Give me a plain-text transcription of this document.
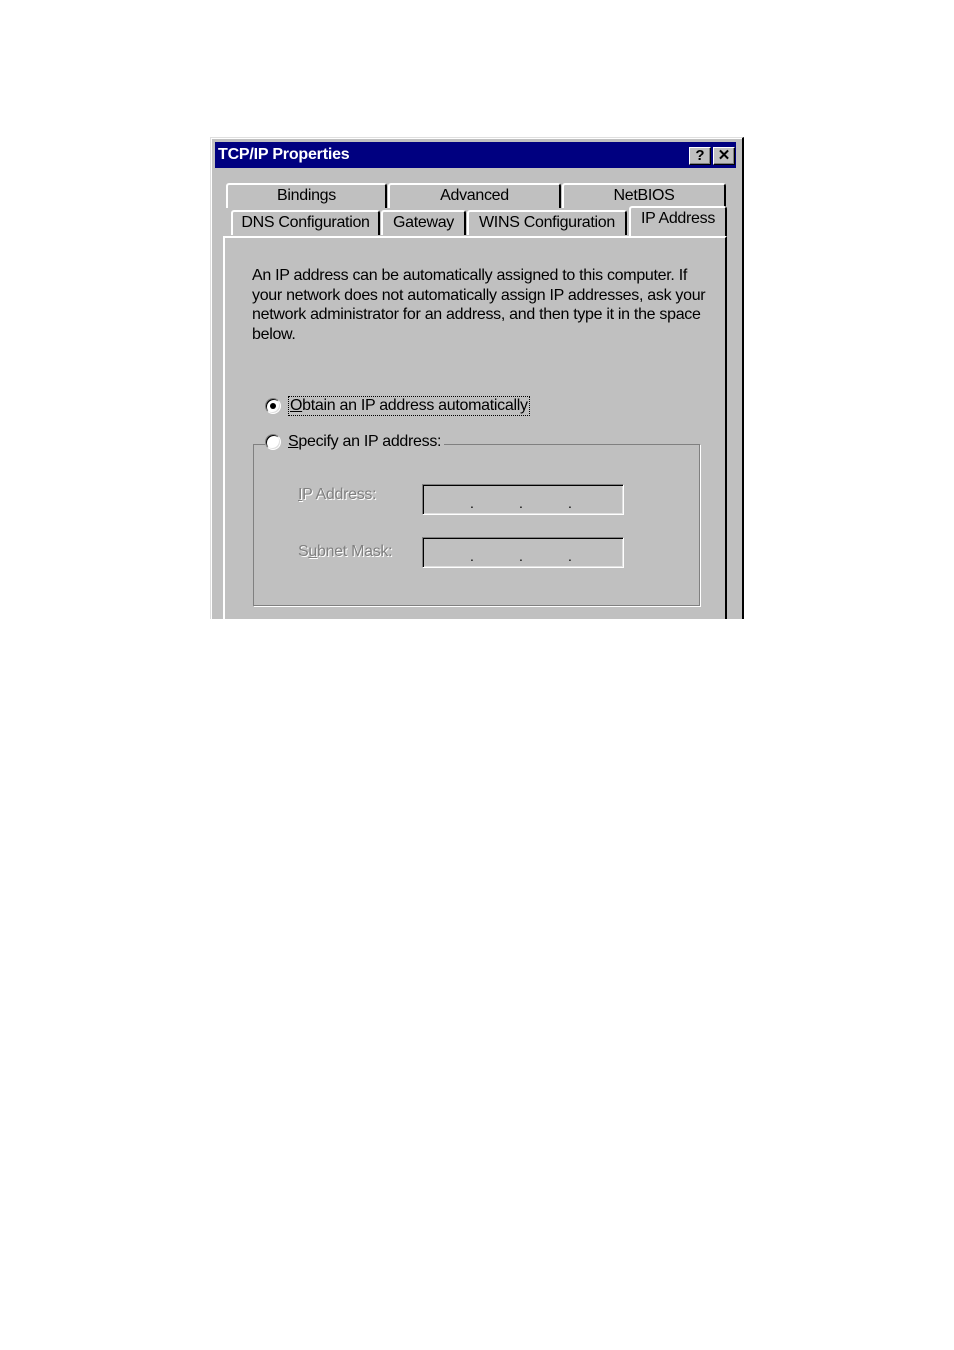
TCP/IP Properties	? ✕
Bindings	Advanced	NetBIOS
DNS Configuration	Gateway	WINS Configuration	IP Address

An IP address can be automatically assigned to this computer. If your network does not automatically assign IP addresses, ask your network administrator for an address, and then type it in the space below.

IP Address:	.	.	.
Subnet Mask:	.	.	.
Obtain an IP address automatically
Specify an IP address:
